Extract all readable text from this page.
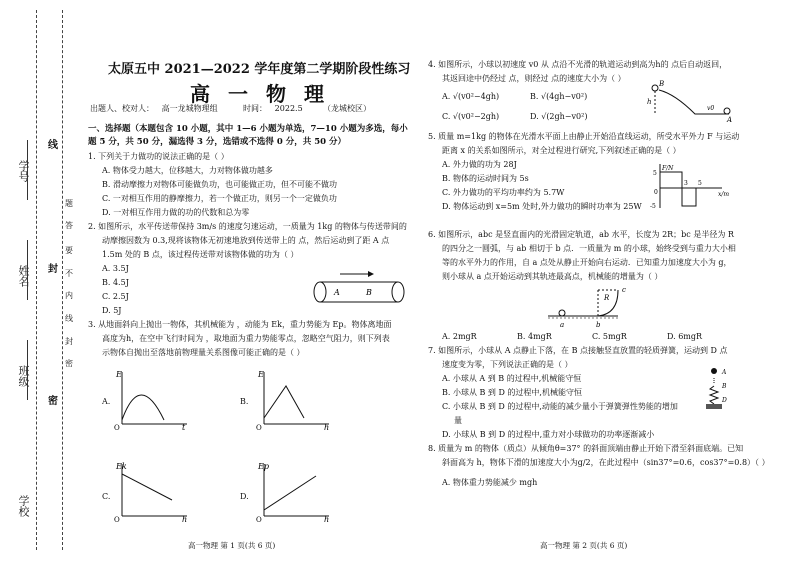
学校
班级
姓名
学号
线
封
密
题
答
要
不
内
线
封
密
太原五中 2021—2022 学年度第二学期阶段性练习
高一物理
出题人、校对人：   高一龙城物理组          时间：   2022.5        （龙城校区）
一、选择题（本题包含 10 小题，其中 1—6 小题为单选，7—10 小题为多选，每小题 5 分，共 50 分，漏选得 3 分，选错或不选得 0 分，共 50 分）
1. 下列关于力做功的说法正确的是（ ）
A. 物体受力越大，位移越大，力对物体做功越多
B. 滑动摩擦力对物体可能做负功，也可能做正功，但不可能不做功
C. 一对相互作用的静摩擦力，若一个做正功，则另一个一定做负功
D. 一对相互作用力做的功的代数和总为零
2. 如图所示，水平传送带保持 3m/s 的速度匀速运动，一质量为 1kg 的物体与传送带间的
动摩擦因数为 0.3,现将该物体无初速地放到传送带上的 点，然后运动到了距 A 点
1.5m 处的 B 点，该过程传送带对该物体做的功为（ ）
A. 3.5J
B. 4.5J
C. 2.5J
D. 5J
A	B
3. 从地面斜向上抛出一物体，其机械能为 ，动能为 Ek，重力势能为 Ep。物体离地面
高度为h，在空中飞行时间为 ，取地面为重力势能零点，忽略空气阻力，则下列表
示物体自抛出至落地前物理量关系图像可能正确的是（ ）
A.
E
t
O
B.
E
h
O
C.
Ek
h
O
D.
Ep
h
O
高一物理 第 1 页(共 6 页)
4. 如图所示，小球以初速度 v0 从 点沿不光滑的轨道运动到高为h的 点后自动返回，
其返回途中仍经过 点，则经过 点的速度大小为（ ）
A. √(v0²−4gh)	B. √(4gh−v0²)
C. √(v0²−2gh)	D. √(2gh−v0²)
h
B
A
v0
5. 质量 m=1kg 的物体在光滑水平面上由静止开始沿直线运动，所受水平外力 F 与运动
距离 x 的关系如图所示，对全过程进行研究,下列叙述正确的是（ ）
A. 外力做的功为 28J
B. 物体的运动时间为 5s
C. 外力做功的平均功率约为 5.7W
D. 物体运动到 x=5m 处时,外力做功的瞬时功率为 25W
F/N
x/m
5
-5
3 5
0
6. 如图所示，abc 是竖直面内的光滑固定轨道，ab 水平，长度为 2R；bc 是半径为 R
的四分之一圆弧，与 ab 相切于 b 点．一质量为 m 的小球，始终受到与重力大小相
等的水平外力的作用，自 a 点处从静止开始向右运动．已知重力加速度大小为 g，
则小球从 a 点开始运动到其轨迹最高点，机械能的增量为（ ）
a	b
c
R
A. 2mgR	B. 4mgR	C. 5mgR	D. 6mgR
7. 如图所示，小球从 A 点静止下落，在 B 点接触竖直放置的轻质弹簧，运动到 D 点
速度变为零，下列说法正确的是（ ）
A. 小球从 A 到 B 的过程中,机械能守恒
B. 小球从 B 到 D 的过程中,机械能守恒
C. 小球从 B 到 D 的过程中,动能的减少量小于弹簧弹性势能的增加
量
D. 小球从 B 到 D 的过程中,重力对小球做功的功率逐渐减小
A
B
D
8. 质量为 m 的物体（质点）从倾角θ=37° 的斜面顶端由静止开始下滑至斜面底端。已知
斜面高为 h，物体下滑的加速度大小为g/2，在此过程中（sin37°=0.6，cos37°=0.8）（ ）
A. 物体重力势能减少 mgh
高一物理 第 2 页(共 6 页)
